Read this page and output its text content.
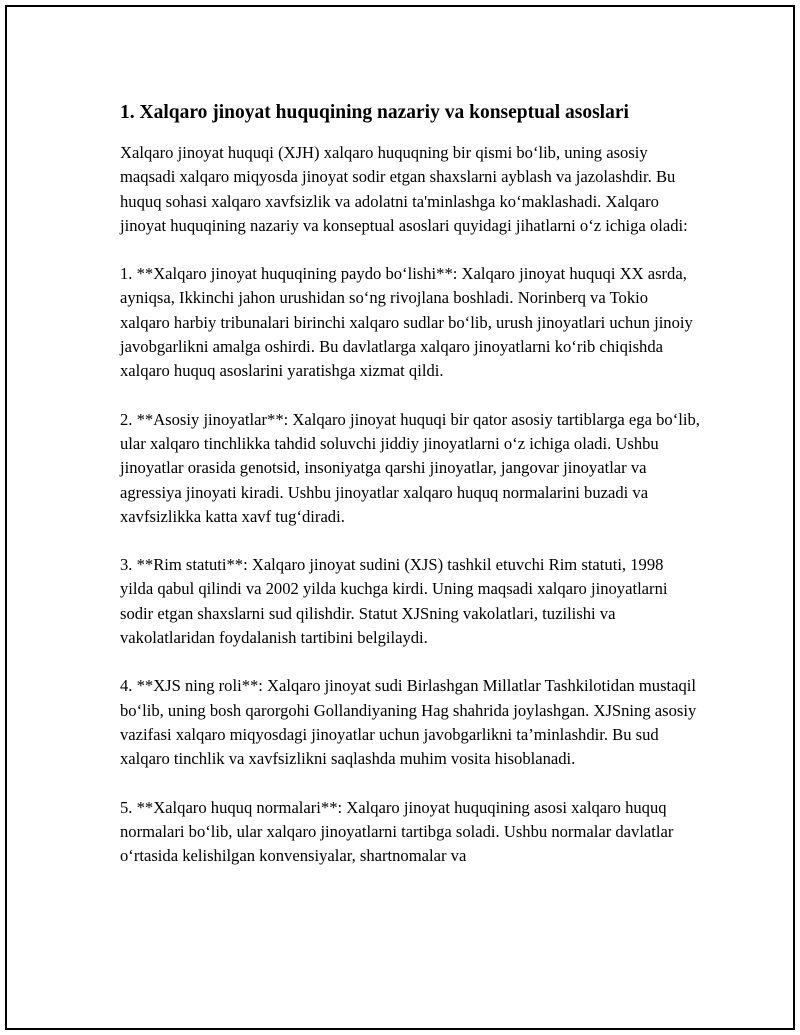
1. Xalqaro jinoyat huquqining nazariy va konseptual asoslari

Xalqaro jinoyat huquqi (XJH) xalqaro huquqning bir qismi bo‘lib, uning asosiy maqsadi xalqaro miqyosda jinoyat sodir etgan shaxslarni ayblash va jazolashdir. Bu huquq sohasi xalqaro xavfsizlik va adolatni ta'minlashga ko‘maklashadi. Xalqaro jinoyat huquqining nazariy va konseptual asoslari quyidagi jihatlarni o‘z ichiga oladi:

1. **Xalqaro jinoyat huquqining paydo bo‘lishi**: Xalqaro jinoyat huquqi XX asrda, ayniqsa, Ikkinchi jahon urushidan so‘ng rivojlana boshladi. Norinberq va Tokio xalqaro harbiy tribunalari birinchi xalqaro sudlar bo‘lib, urush jinoyatlari uchun jinoiy javobgarlikni amalga oshirdi. Bu davlatlarga xalqaro jinoyatlarni ko‘rib chiqishda xalqaro huquq asoslarini yaratishga xizmat qildi.

2. **Asosiy jinoyatlar**: Xalqaro jinoyat huquqi bir qator asosiy tartiblarga ega bo‘lib, ular xalqaro tinchlikka tahdid soluvchi jiddiy jinoyatlarni o‘z ichiga oladi. Ushbu jinoyatlar orasida genotsid, insoniyatga qarshi jinoyatlar, jangovar jinoyatlar va agressiya jinoyati kiradi. Ushbu jinoyatlar xalqaro huquq normalarini buzadi va xavfsizlikka katta xavf tug‘diradi.

3. **Rim statuti**: Xalqaro jinoyat sudini (XJS) tashkil etuvchi Rim statuti, 1998 yilda qabul qilindi va 2002 yilda kuchga kirdi. Uning maqsadi xalqaro jinoyatlarni sodir etgan shaxslarni sud qilishdir. Statut XJSning vakolatlari, tuzilishi va vakolatlaridan foydalanish tartibini belgilaydi.

4. **XJS ning roli**: Xalqaro jinoyat sudi Birlashgan Millatlar Tashkilotidan mustaqil bo‘lib, uning bosh qarorgohi Gollandiyaning Hag shahrida joylashgan. XJSning asosiy vazifasi xalqaro miqyosdagi jinoyatlar uchun javobgarlikni ta’minlashdir. Bu sud xalqaro tinchlik va xavfsizlikni saqlashda muhim vosita hisoblanadi.

5. **Xalqaro huquq normalari**: Xalqaro jinoyat huquqining asosi xalqaro huquq normalari bo‘lib, ular xalqaro jinoyatlarni tartibga soladi. Ushbu normalar davlatlar o‘rtasida kelishilgan konvensiyalar, shartnomalar va
